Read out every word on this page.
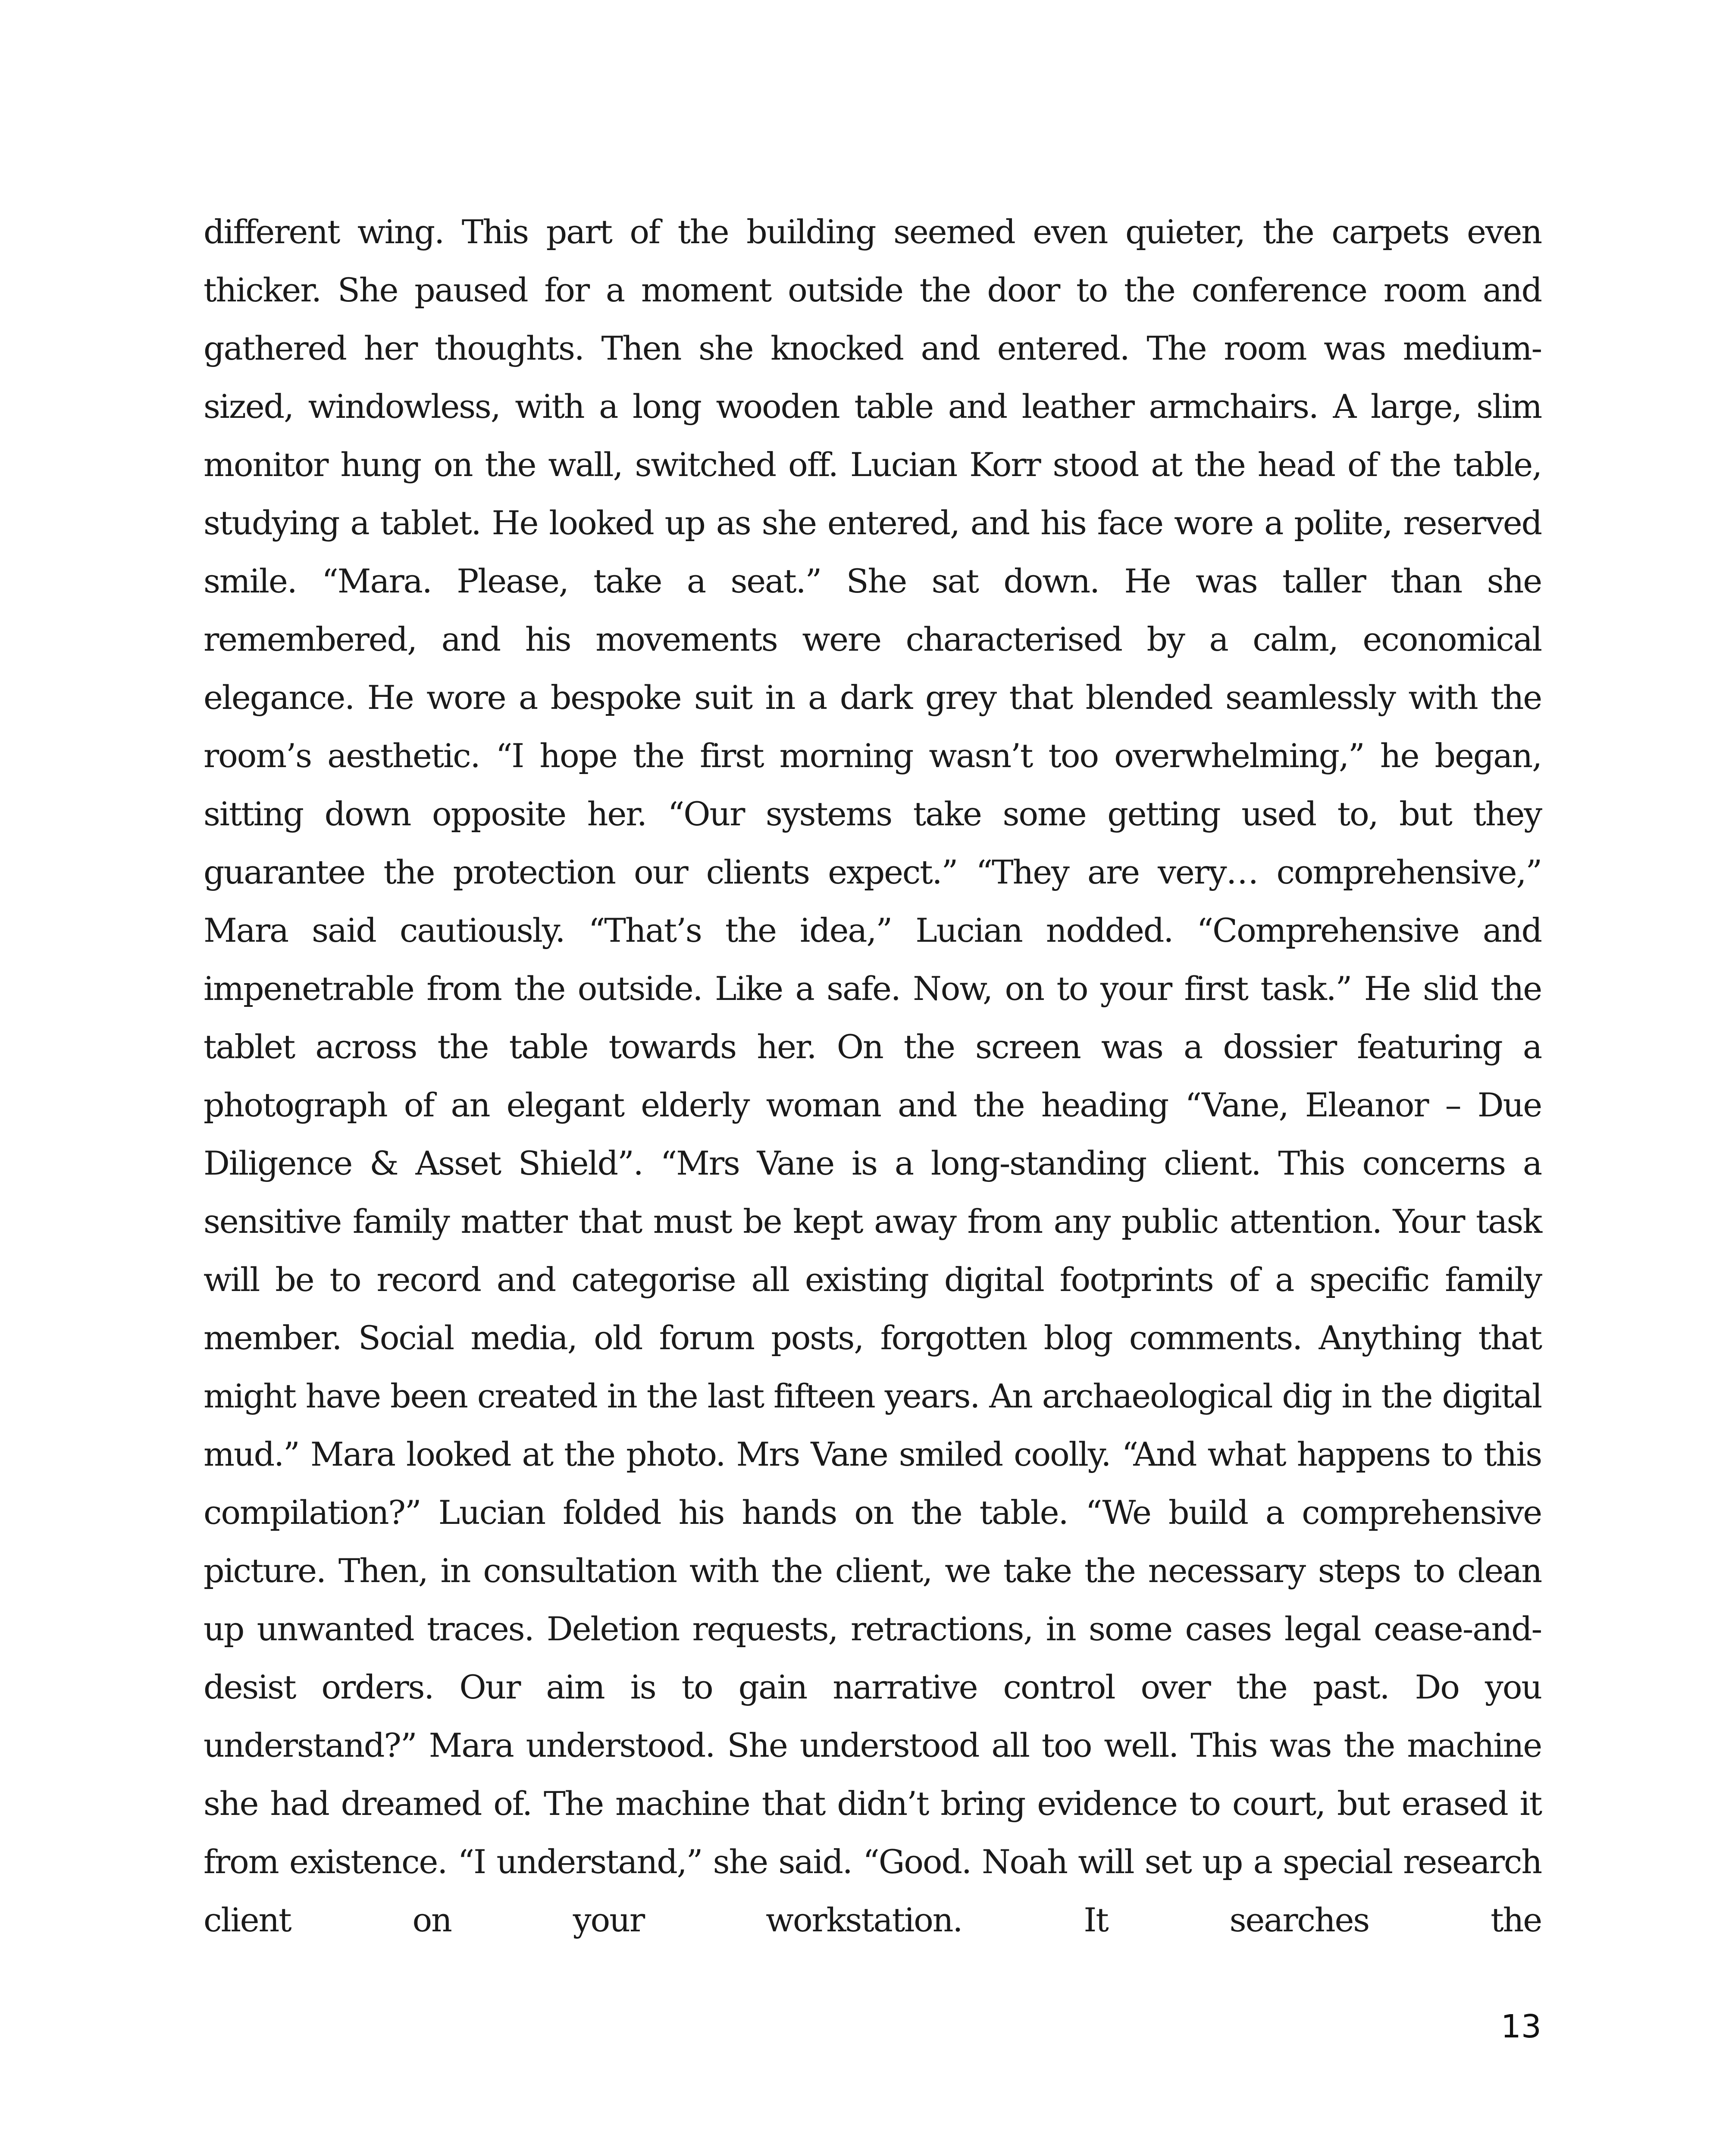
different wing. This part of the building seemed even quieter, the carpets even thicker. She paused for a moment outside the door to the conference room and gathered her thoughts. Then she knocked and entered. The room was medium-sized, windowless, with a long wooden table and leather armchairs. A large, slim monitor hung on the wall, switched off. Lucian Korr stood at the head of the table, studying a tablet. He looked up as she entered, and his face wore a polite, reserved smile. “Mara. Please, take a seat.” She sat down. He was taller than she remembered, and his movements were characterised by a calm, economical elegance. He wore a bespoke suit in a dark grey that blended seamlessly with the room’s aesthetic. “I hope the first morning wasn’t too overwhelming,” he began, sitting down opposite her. “Our systems take some getting used to, but they guarantee the protection our clients expect.” “They are very… comprehensive,” Mara said cautiously. “That’s the idea,” Lucian nodded. “Comprehensive and impenetrable from the outside. Like a safe. Now, on to your first task.” He slid the tablet across the table towards her. On the screen was a dossier featuring a photograph of an elegant elderly woman and the heading “Vane, Eleanor – Due Diligence & Asset Shield”. “Mrs Vane is a long-standing client. This concerns a sensitive family matter that must be kept away from any public attention. Your task will be to record and categorise all existing digital footprints of a specific family member. Social media, old forum posts, forgotten blog comments. Anything that might have been created in the last fifteen years. An archaeological dig in the digital mud.” Mara looked at the photo. Mrs Vane smiled coolly. “And what happens to this compilation?” Lucian folded his hands on the table. “We build a comprehensive picture. Then, in consultation with the client, we take the necessary steps to clean up unwanted traces. Deletion requests, retractions, in some cases legal cease-and-desist orders. Our aim is to gain narrative control over the past. Do you understand?” Mara understood. She understood all too well. This was the machine she had dreamed of. The machine that didn’t bring evidence to court, but erased it from existence. “I understand,” she said. “Good. Noah will set up a special research client on your workstation. It searches the

13
